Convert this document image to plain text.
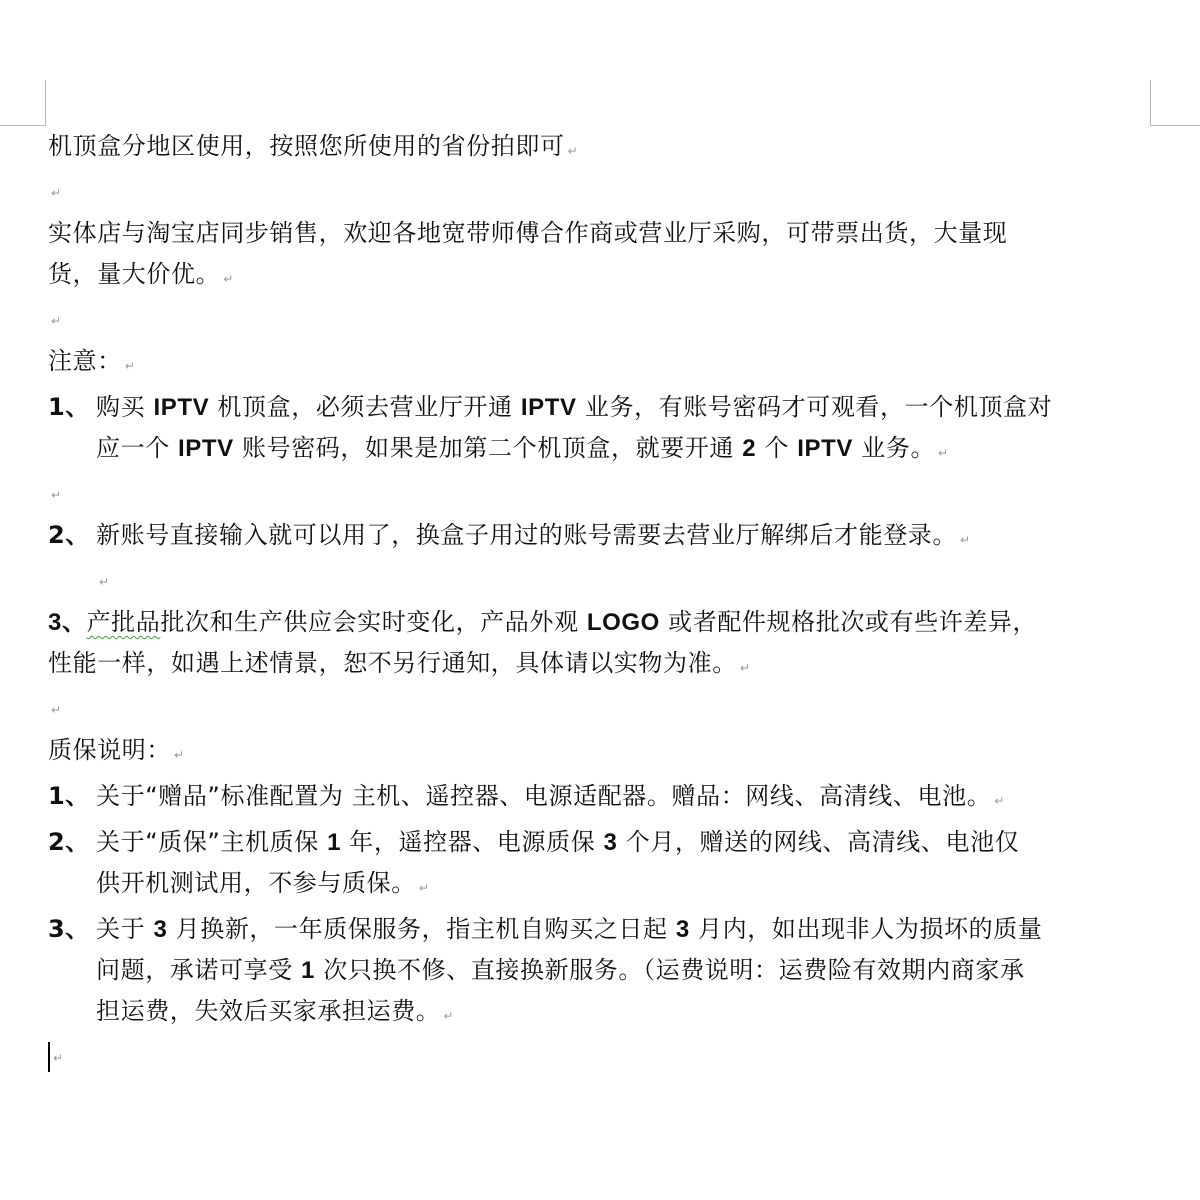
机顶盒分地区使用，按照您所使用的省份拍即可 ↵

↵

实体店与淘宝店同步销售，欢迎各地宽带师傅合作商或营业厅采购，可带票出货，大量现
货，量大价优。 ↵

↵

注意： ↵

1、 购买 IPTV 机顶盒，必须去营业厅开通 IPTV 业务，有账号密码才可观看，一个机顶盒对
应一个 IPTV 账号密码，如果是加第二个机顶盒，就要开通 2 个 IPTV 业务。 ↵

↵

2、 新账号直接输入就可以用了，换盒子用过的账号需要去营业厅解绑后才能登录。 ↵

↵

3、产批品批次和生产供应会实时变化，产品外观 LOGO 或者配件规格批次或有些许差异，
性能一样，如遇上述情景，恕不另行通知，具体请以实物为准。 ↵

↵

质保说明： ↵

1、 关于“赠品”标准配置为 主机、遥控器、电源适配器。赠品：网线、高清线、电池。 ↵
2、 关于“质保”主机质保 1 年，遥控器、电源质保 3 个月，赠送的网线、高清线、电池仅
供开机测试用，不参与质保。 ↵
3、 关于 3 月换新，一年质保服务，指主机自购买之日起 3 月内，如出现非人为损坏的质量
问题，承诺可享受 1 次只换不修、直接换新服务。（运费说明：运费险有效期内商家承
担运费，失效后买家承担运费。 ↵

↵
